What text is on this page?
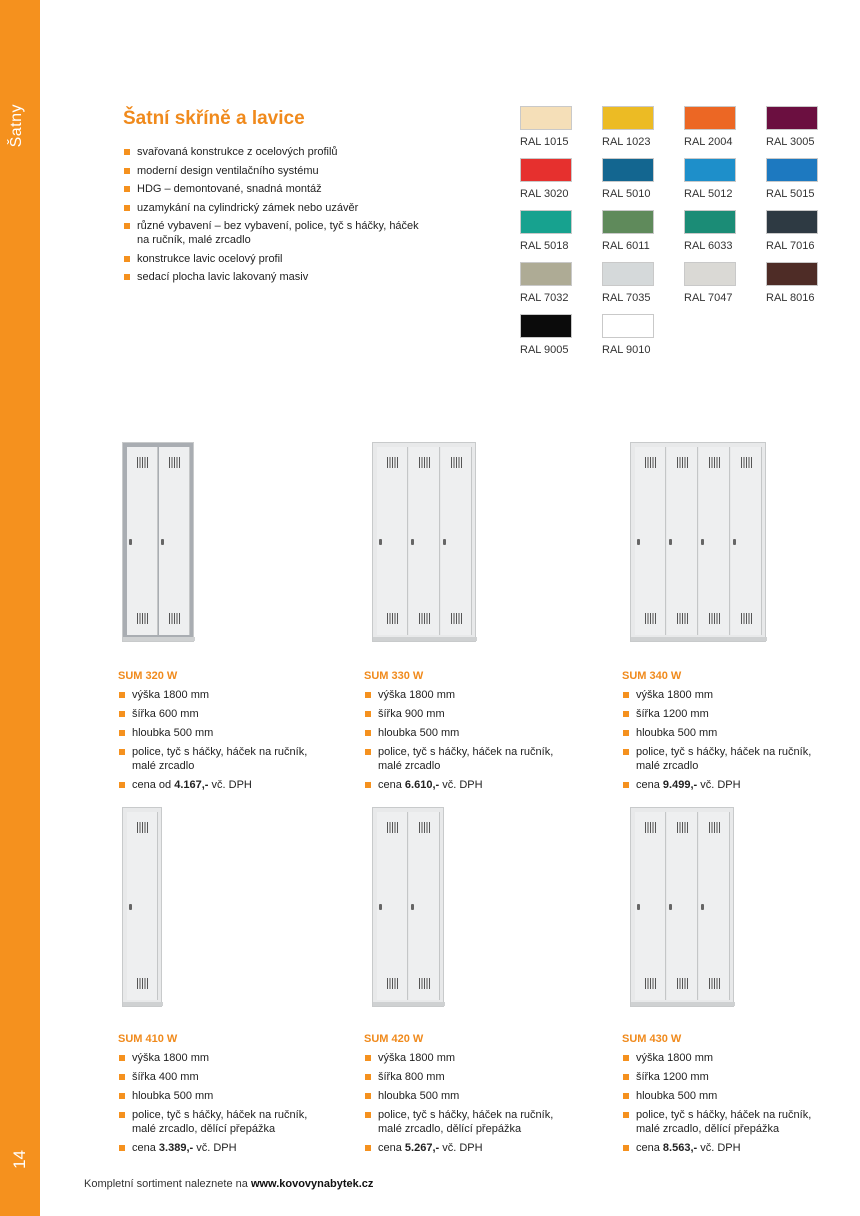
Šatny
14
Šatní skříně a lavice
svařovaná konstrukce z ocelových profilů
moderní design ventilačního systému
HDG – demontované, snadná montáž
uzamykání na cylindrický zámek nebo uzávěr
různé vybavení – bez vybavení, police, tyč s háčky, háček na ručník, malé zrcadlo
konstrukce lavic ocelový profil
sedací plocha lavic lakovaný masiv
RAL 1015	RAL 1023	RAL 2004	RAL 3005
RAL 3020	RAL 5010	RAL 5012	RAL 5015
RAL 5018	RAL 6011	RAL 6033	RAL 7016
RAL 7032	RAL 7035	RAL 7047	RAL 8016
RAL 9005	RAL 9010
SUM 320 W
výška 1800 mm
šířka 600 mm
hloubka 500 mm
police, tyč s háčky, háček na ručník, malé zrcadlo
cena od 4.167,- vč. DPH
SUM 330 W
výška 1800 mm
šířka 900 mm
hloubka 500 mm
police, tyč s háčky, háček na ručník, malé zrcadlo
cena 6.610,- vč. DPH
SUM 340 W
výška 1800 mm
šířka 1200 mm
hloubka 500 mm
police, tyč s háčky, háček na ručník, malé zrcadlo
cena 9.499,- vč. DPH
SUM 410 W
výška 1800 mm
šířka 400 mm
hloubka 500 mm
police, tyč s háčky, háček na ručník, malé zrcadlo, dělící přepážka
cena 3.389,- vč. DPH
SUM 420 W
výška 1800 mm
šířka 800 mm
hloubka 500 mm
police, tyč s háčky, háček na ručník, malé zrcadlo, dělící přepážka
cena 5.267,- vč. DPH
SUM 430 W
výška 1800 mm
šířka 1200 mm
hloubka 500 mm
police, tyč s háčky, háček na ručník, malé zrcadlo, dělící přepážka
cena 8.563,- vč. DPH
Kompletní sortiment naleznete na www.kovovynabytek.cz
